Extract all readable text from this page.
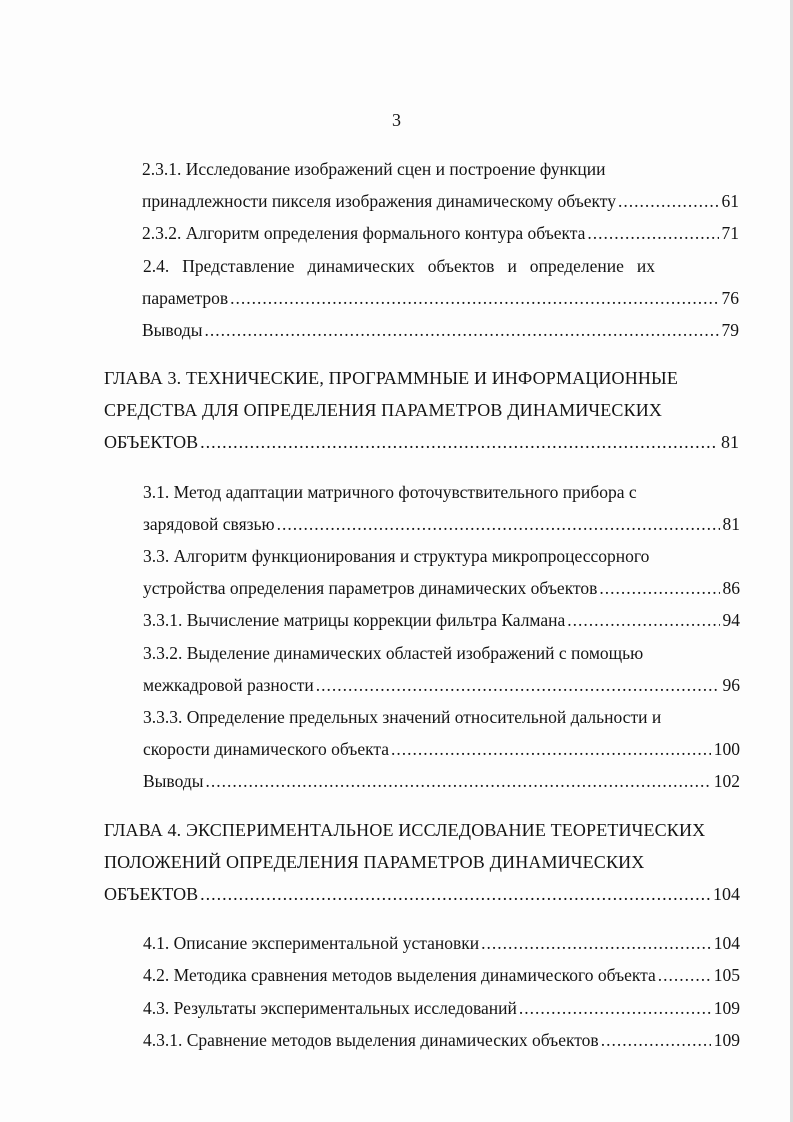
3
2.3.1. Исследование изображений сцен и построение функции
принадлежности пикселя изображения динамическому объекту .....	61
2.3.2. Алгоритм определения формального контура объекта .....	71
2.4. Представление динамических объектов и определение их
параметров .....	76
Выводы .....	79
ГЛАВА 3. ТЕХНИЧЕСКИЕ, ПРОГРАММНЫЕ И ИНФОРМАЦИОННЫЕ
СРЕДСТВА ДЛЯ ОПРЕДЕЛЕНИЯ ПАРАМЕТРОВ ДИНАМИЧЕСКИХ
ОБЪЕКТОВ .....	81
3.1. Метод адаптации матричного фоточувствительного прибора с
зарядовой связью .....	81
3.3. Алгоритм функционирования и структура микропроцессорного
устройства определения параметров динамических объектов .....	86
3.3.1. Вычисление матрицы коррекции фильтра Калмана .....	94
3.3.2. Выделение динамических областей изображений с помощью
межкадровой разности .....	96
3.3.3. Определение предельных значений относительной дальности и
скорости динамического объекта .....	100
Выводы .....	102
ГЛАВА 4. ЭКСПЕРИМЕНТАЛЬНОЕ ИССЛЕДОВАНИЕ ТЕОРЕТИЧЕСКИХ
ПОЛОЖЕНИЙ ОПРЕДЕЛЕНИЯ ПАРАМЕТРОВ ДИНАМИЧЕСКИХ
ОБЪЕКТОВ .....	104
4.1. Описание экспериментальной установки .....	104
4.2. Методика сравнения методов выделения динамического объекта .....	105
4.3. Результаты экспериментальных исследований .....	109
4.3.1. Сравнение методов выделения динамических объектов .....	109
